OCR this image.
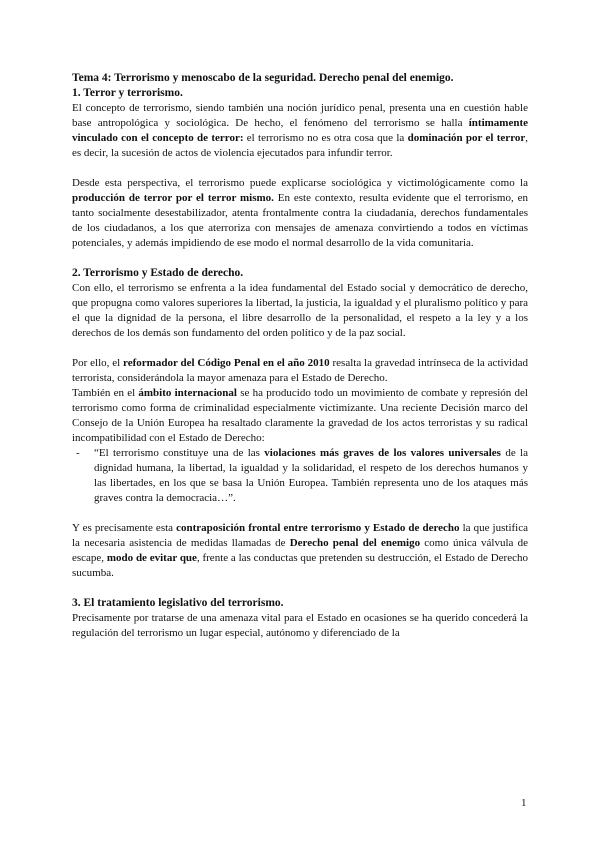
Tema 4: Terrorismo y menoscabo de la seguridad. Derecho penal del enemigo.

1. Terror y terrorismo.

El concepto de terrorismo, siendo también una noción jurídico penal, presenta una en cuestión hable base antropológica y sociológica. De hecho, el fenómeno del terrorismo se halla íntimamente vinculado con el concepto de terror: el terrorismo no es otra cosa que la dominación por el terror, es decir, la sucesión de actos de violencia ejecutados para infundir terror.

Desde esta perspectiva, el terrorismo puede explicarse sociológica y victimológicamente como la producción de terror por el terror mismo. En este contexto, resulta evidente que el terrorismo, en tanto socialmente desestabilizador, atenta frontalmente contra la ciudadanía, derechos fundamentales de los ciudadanos, a los que aterroriza con mensajes de amenaza convirtiendo a todos en víctimas potenciales, y además impidiendo de ese modo el normal desarrollo de la vida comunitaria.

2. Terrorismo y Estado de derecho.

Con ello, el terrorismo se enfrenta a la idea fundamental del Estado social y democrático de derecho, que propugna como valores superiores la libertad, la justicia, la igualdad y el pluralismo político y para el que la dignidad de la persona, el libre desarrollo de la personalidad, el respeto a la ley y a los derechos de los demás son fundamento del orden político y de la paz social.

Por ello, el reformador del Código Penal en el año 2010 resalta la gravedad intrínseca de la actividad terrorista, considerándola la mayor amenaza para el Estado de Derecho.

También en el ámbito internacional se ha producido todo un movimiento de combate y represión del terrorismo como forma de criminalidad especialmente victimizante. Una reciente Decisión marco del Consejo de la Unión Europea ha resaltado claramente la gravedad de los actos terroristas y su radical incompatibilidad con el Estado de Derecho:

- “El terrorismo constituye una de las violaciones más graves de los valores universales de la dignidad humana, la libertad, la igualdad y la solidaridad, el respeto de los derechos humanos y las libertades, en los que se basa la Unión Europea. También representa uno de los ataques más graves contra la democracia…”.

Y es precisamente esta contraposición frontal entre terrorismo y Estado de derecho la que justifica la necesaria asistencia de medidas llamadas de Derecho penal del enemigo como única válvula de escape, modo de evitar que, frente a las conductas que pretenden su destrucción, el Estado de Derecho sucumba.

3. El tratamiento legislativo del terrorismo.

Precisamente por tratarse de una amenaza vital para el Estado en ocasiones se ha querido concederá la regulación del terrorismo un lugar especial, autónomo y diferenciado de la

1
